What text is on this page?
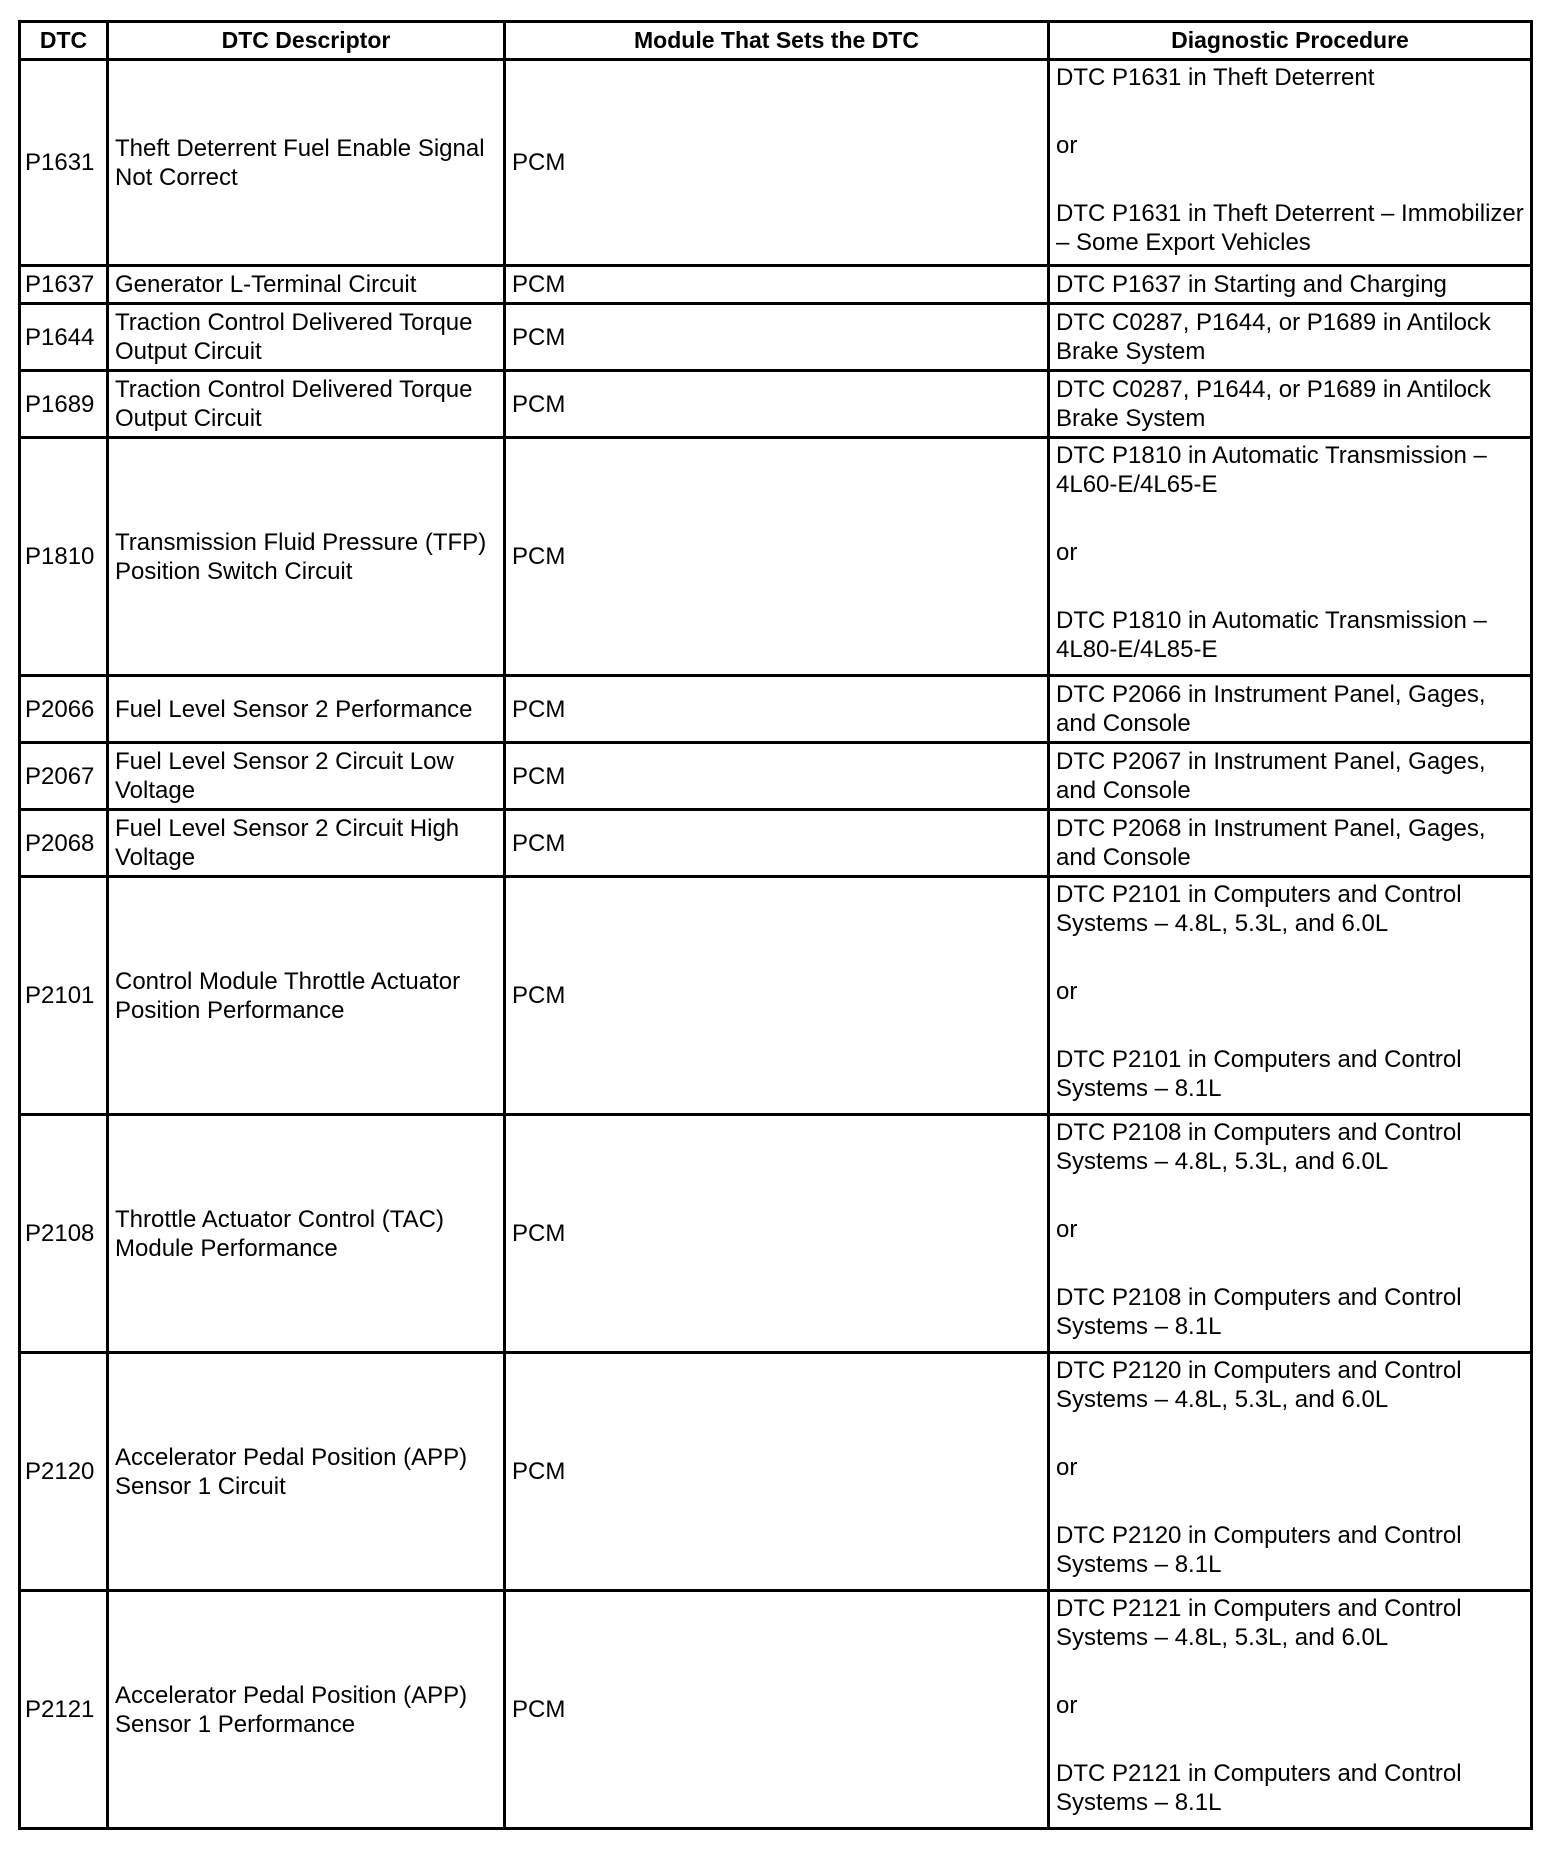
DTC	DTC Descriptor	Module That Sets the DTC	Diagnostic Procedure
P1631	Theft Deterrent Fuel Enable Signal Not Correct	PCM	DTC P1631 in Theft Deterrent
or
DTC P1631 in Theft Deterrent – Immobilizer – Some Export Vehicles

P1637	Generator L-Terminal Circuit	PCM	DTC P1637 in Starting and Charging

P1644	Traction Control Delivered Torque Output Circuit	PCM	DTC C0287, P1644, or P1689 in Antilock Brake System

P1689	Traction Control Delivered Torque Output Circuit	PCM	DTC C0287, P1644, or P1689 in Antilock Brake System

P1810	Transmission Fluid Pressure (TFP) Position Switch Circuit	PCM	DTC P1810 in Automatic Transmission – 4L60-E/4L65-E
or
DTC P1810 in Automatic Transmission – 4L80-E/4L85-E

P2066	Fuel Level Sensor 2 Performance	PCM	DTC P2066 in Instrument Panel, Gages, and Console

P2067	Fuel Level Sensor 2 Circuit Low Voltage	PCM	DTC P2067 in Instrument Panel, Gages, and Console

P2068	Fuel Level Sensor 2 Circuit High Voltage	PCM	DTC P2068 in Instrument Panel, Gages, and Console

P2101	Control Module Throttle Actuator Position Performance	PCM	DTC P2101 in Computers and Control Systems – 4.8L, 5.3L, and 6.0L
or
DTC P2101 in Computers and Control Systems – 8.1L

P2108	Throttle Actuator Control (TAC) Module Performance	PCM	DTC P2108 in Computers and Control Systems – 4.8L, 5.3L, and 6.0L
or
DTC P2108 in Computers and Control Systems – 8.1L

P2120	Accelerator Pedal Position (APP) Sensor 1 Circuit	PCM	DTC P2120 in Computers and Control Systems – 4.8L, 5.3L, and 6.0L
or
DTC P2120 in Computers and Control Systems – 8.1L

P2121	Accelerator Pedal Position (APP) Sensor 1 Performance	PCM	DTC P2121 in Computers and Control Systems – 4.8L, 5.3L, and 6.0L
or
DTC P2121 in Computers and Control Systems – 8.1L
